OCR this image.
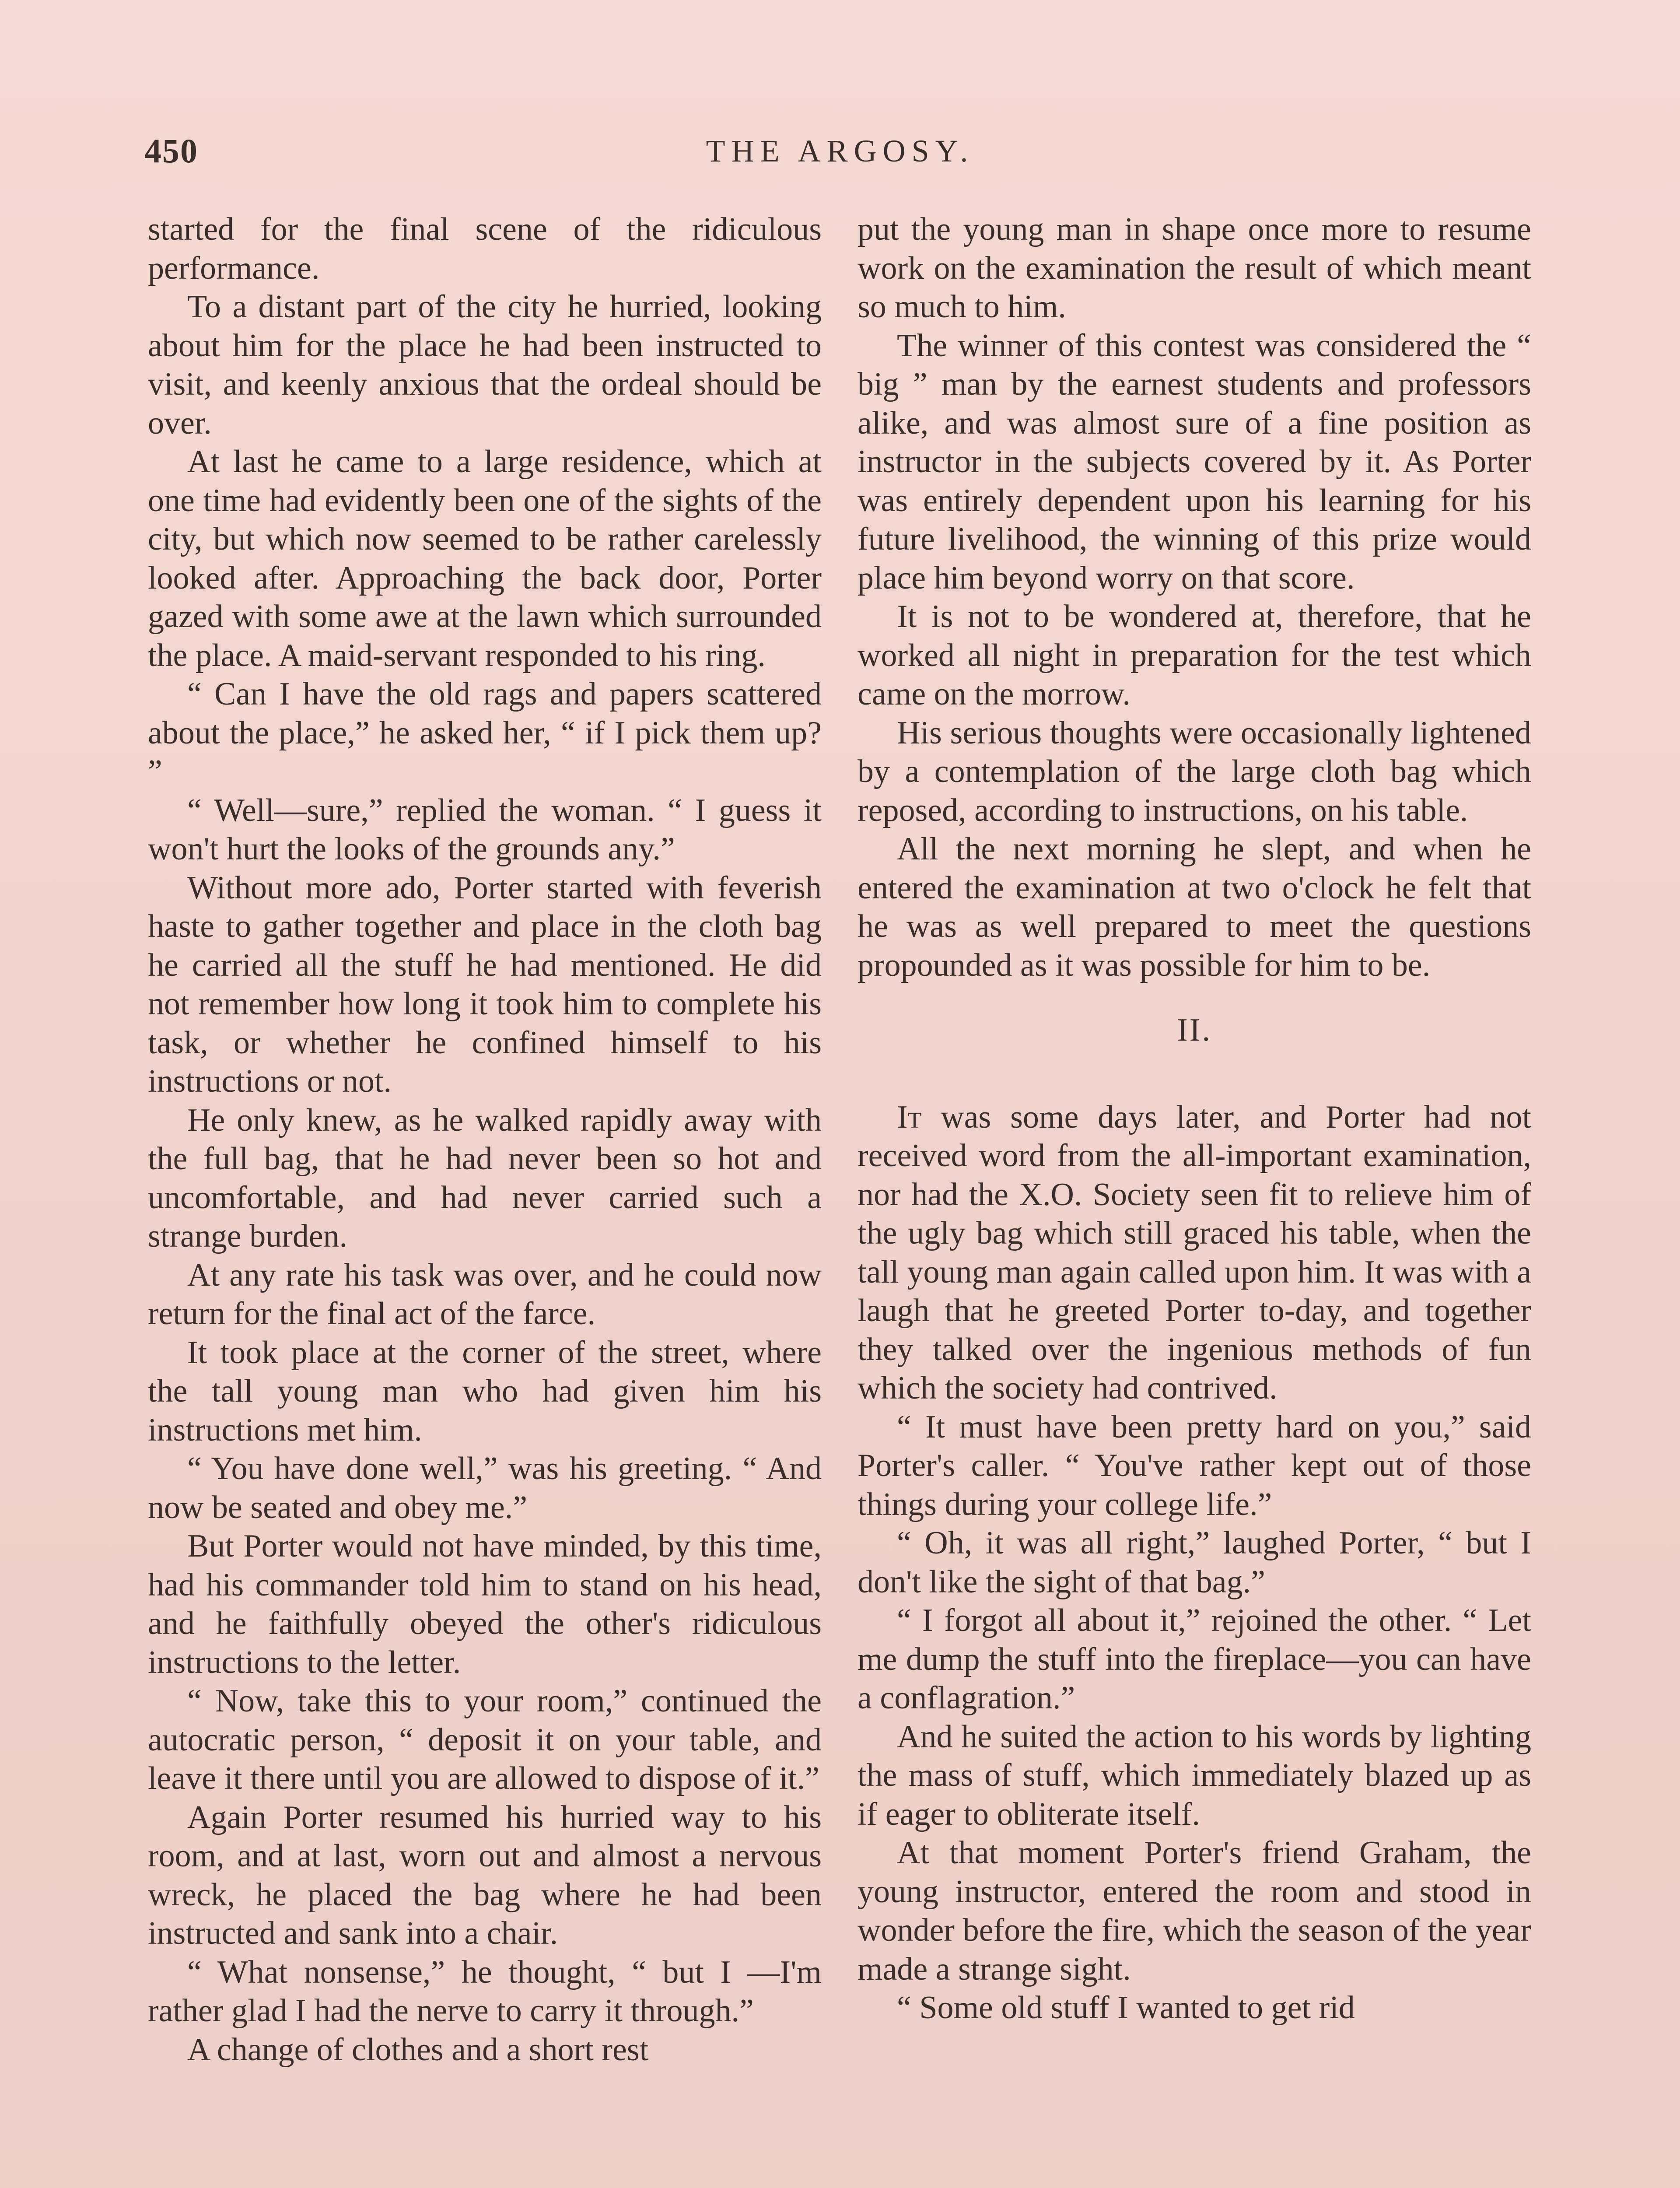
450	THE ARGOSY.

started for the final scene of the ridiculous performance.

To a distant part of the city he hurried, looking about him for the place he had been instructed to visit, and keenly anxious that the ordeal should be over.

At last he came to a large residence, which at one time had evidently been one of the sights of the city, but which now seemed to be rather carelessly looked after. Approaching the back door, Porter gazed with some awe at the lawn which surrounded the place. A maid-servant responded to his ring.

“ Can I have the old rags and papers scattered about the place,” he asked her, “ if I pick them up? ”

“ Well—sure,” replied the woman. “ I guess it won't hurt the looks of the grounds any.”

Without more ado, Porter started with feverish haste to gather together and place in the cloth bag he carried all the stuff he had mentioned. He did not remember how long it took him to complete his task, or whether he confined himself to his instructions or not.

He only knew, as he walked rapidly away with the full bag, that he had never been so hot and uncomfortable, and had never carried such a strange burden.

At any rate his task was over, and he could now return for the final act of the farce.

It took place at the corner of the street, where the tall young man who had given him his instructions met him.

“ You have done well,” was his greeting. “ And now be seated and obey me.”

But Porter would not have minded, by this time, had his commander told him to stand on his head, and he faithfully obeyed the other's ridiculous instructions to the letter.

“ Now, take this to your room,” continued the autocratic person, “ deposit it on your table, and leave it there until you are allowed to dispose of it.”

Again Porter resumed his hurried way to his room, and at last, worn out and almost a nervous wreck, he placed the bag where he had been instructed and sank into a chair.

“ What nonsense,” he thought, “ but I —I'm rather glad I had the nerve to carry it through.”

A change of clothes and a short rest

put the young man in shape once more to resume work on the examination the result of which meant so much to him.

The winner of this contest was considered the “ big ” man by the earnest students and professors alike, and was almost sure of a fine position as instructor in the subjects covered by it. As Porter was entirely dependent upon his learning for his future livelihood, the winning of this prize would place him beyond worry on that score.

It is not to be wondered at, therefore, that he worked all night in preparation for the test which came on the morrow.

His serious thoughts were occasionally lightened by a contemplation of the large cloth bag which reposed, according to instructions, on his table.

All the next morning he slept, and when he entered the examination at two o'clock he felt that he was as well prepared to meet the questions propounded as it was possible for him to be.

II.

It was some days later, and Porter had not received word from the all-important examination, nor had the X.O. Society seen fit to relieve him of the ugly bag which still graced his table, when the tall young man again called upon him. It was with a laugh that he greeted Porter to-day, and together they talked over the ingenious methods of fun which the society had contrived.

“ It must have been pretty hard on you,” said Porter's caller. “ You've rather kept out of those things during your college life.”

“ Oh, it was all right,” laughed Porter, “ but I don't like the sight of that bag.”

“ I forgot all about it,” rejoined the other. “ Let me dump the stuff into the fireplace—you can have a conflagration.”

And he suited the action to his words by lighting the mass of stuff, which immediately blazed up as if eager to obliterate itself.

At that moment Porter's friend Graham, the young instructor, entered the room and stood in wonder before the fire, which the season of the year made a strange sight.

“ Some old stuff I wanted to get rid
